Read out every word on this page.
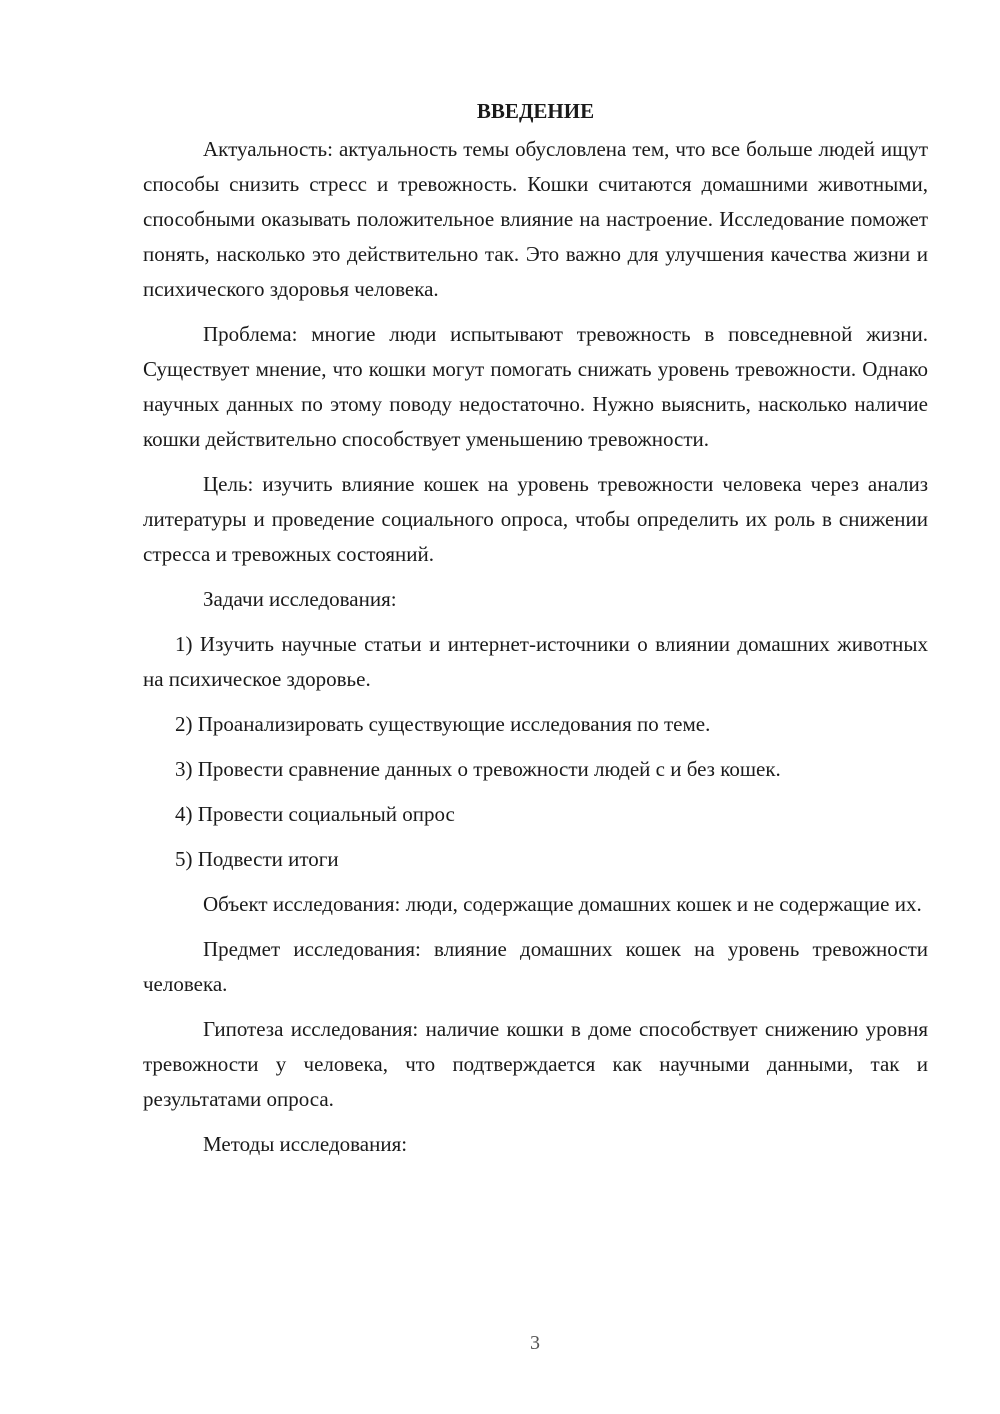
ВВЕДЕНИЕ

Актуальность: актуальность темы обусловлена тем, что все больше людей ищут способы снизить стресс и тревожность. Кошки считаются домашними животными, способными оказывать положительное влияние на настроение. Исследование поможет понять, насколько это действительно так. Это важно для улучшения качества жизни и психического здоровья человека.

Проблема: многие люди испытывают тревожность в повседневной жизни. Существует мнение, что кошки могут помогать снижать уровень тревожности. Однако научных данных по этому поводу недостаточно. Нужно выяснить, насколько наличие кошки действительно способствует уменьшению тревожности.

Цель: изучить влияние кошек на уровень тревожности человека через анализ литературы и проведение социального опроса, чтобы определить их роль в снижении стресса и тревожных состояний.

Задачи исследования:

1) Изучить научные статьи и интернет-источники о влиянии домашних животных на психическое здоровье.

2) Проанализировать существующие исследования по теме.

3) Провести сравнение данных о тревожности людей с и без кошек.

4) Провести социальный опрос

5) Подвести итоги

Объект исследования: люди, содержащие домашних кошек и не содержащие их.

Предмет исследования: влияние домашних кошек на уровень тревожности человека.

Гипотеза исследования: наличие кошки в доме способствует снижению уровня тревожности у человека, что подтверждается как научными данными, так и результатами опроса.

Методы исследования:

3
